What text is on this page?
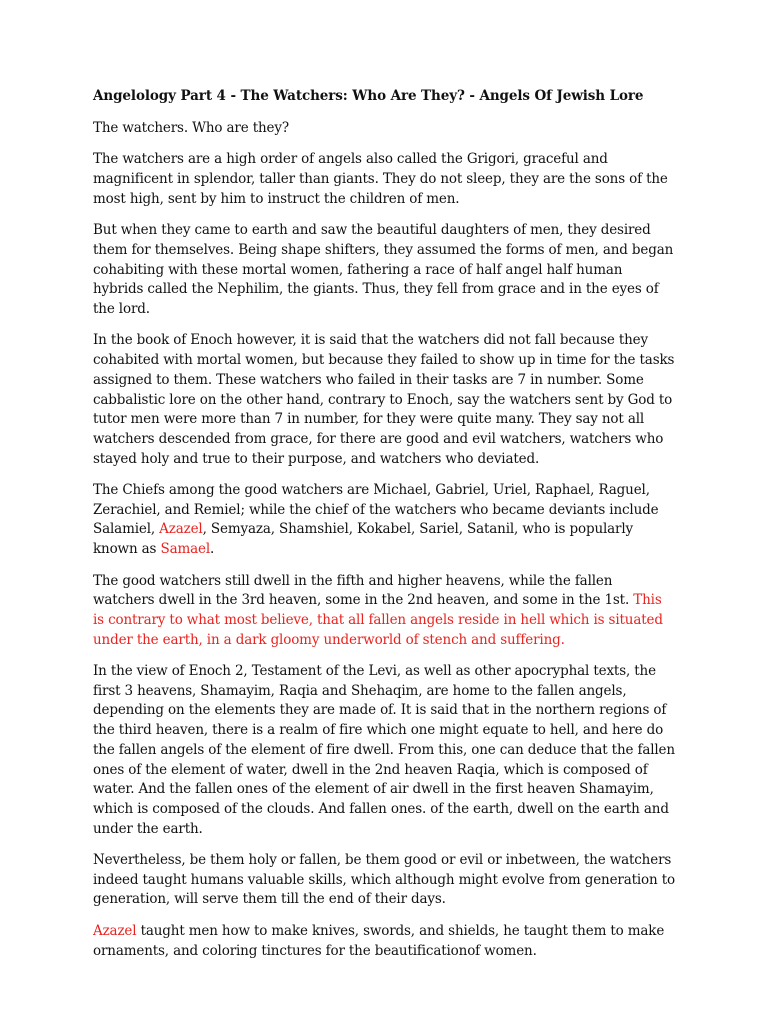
Angelology Part 4 - The Watchers: Who Are They? - Angels Of Jewish Lore

The watchers. Who are they?

The watchers are a high order of angels also called the Grigori, graceful and magnificent in splendor, taller than giants. They do not sleep, they are the sons of the most high, sent by him to instruct the children of men.

But when they came to earth and saw the beautiful daughters of men, they desired them for themselves. Being shape shifters, they assumed the forms of men, and began cohabiting with these mortal women, fathering a race of half angel half human hybrids called the Nephilim, the giants. Thus, they fell from grace and in the eyes of the lord.

In the book of Enoch however, it is said that the watchers did not fall because they cohabited with mortal women, but because they failed to show up in time for the tasks assigned to them. These watchers who failed in their tasks are 7 in number. Some cabbalistic lore on the other hand, contrary to Enoch, say the watchers sent by God to tutor men were more than 7 in number, for they were quite many. They say not all watchers descended from grace, for there are good and evil watchers, watchers who stayed holy and true to their purpose, and watchers who deviated.

The Chiefs among the good watchers are Michael, Gabriel, Uriel, Raphael, Raguel, Zerachiel, and Remiel; while the chief of the watchers who became deviants include Salamiel, Azazel, Semyaza, Shamshiel, Kokabel, Sariel, Satanil, who is popularly known as Samael.

The good watchers still dwell in the fifth and higher heavens, while the fallen watchers dwell in the 3rd heaven, some in the 2nd heaven, and some in the 1st. This is contrary to what most believe, that all fallen angels reside in hell which is situated under the earth, in a dark gloomy underworld of stench and suffering.

In the view of Enoch 2, Testament of the Levi, as well as other apocryphal texts, the first 3 heavens, Shamayim, Raqia and Shehaqim, are home to the fallen angels, depending on the elements they are made of. It is said that in the northern regions of the third heaven, there is a realm of fire which one might equate to hell, and here do the fallen angels of the element of fire dwell. From this, one can deduce that the fallen ones of the element of water, dwell in the 2nd heaven Raqia, which is composed of water. And the fallen ones of the element of air dwell in the first heaven Shamayim, which is composed of the clouds. And fallen ones. of the earth, dwell on the earth and under the earth.

Nevertheless, be them holy or fallen, be them good or evil or inbetween, the watchers indeed taught humans valuable skills, which although might evolve from generation to generation, will serve them till the end of their days.

Azazel taught men how to make knives, swords, and shields, he taught them to make ornaments, and coloring tinctures for the beautificationof women.
